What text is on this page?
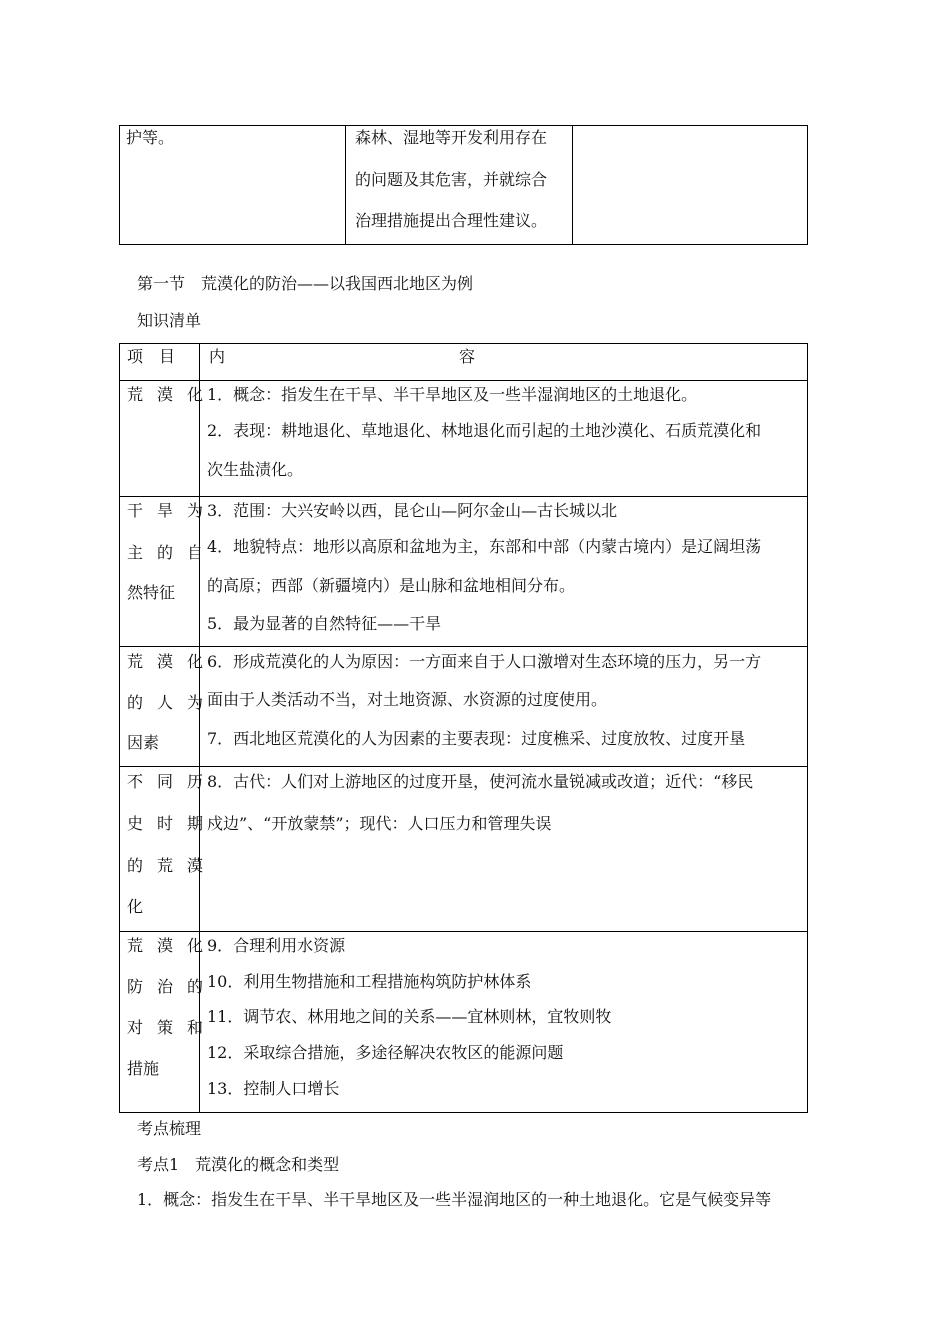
护等。	森林、湿地等开发利用存在
的问题及其危害，并就综合
治理措施提出合理性建议。
第一节　荒漠化的防治——以我国西北地区为例
知识清单
项　目 内	容
荒漠化
1．概念：指发生在干旱、半干旱地区及一些半湿润地区的土地退化。
2．表现：耕地退化、草地退化、林地退化而引起的土地沙漠化、石质荒漠化和
次生盐渍化。
干旱为
主的自
然特征
3．范围：大兴安岭以西，昆仑山—阿尔金山—古长城以北
4．地貌特点：地形以高原和盆地为主，东部和中部（内蒙古境内）是辽阔坦荡
的高原；西部（新疆境内）是山脉和盆地相间分布。
5．最为显著的自然特征——干旱
荒漠化
的人为
因素
6．形成荒漠化的人为原因：一方面来自于人口激增对生态环境的压力，另一方
面由于人类活动不当，对土地资源、水资源的过度使用。
7．西北地区荒漠化的人为因素的主要表现：过度樵采、过度放牧、过度开垦
不同历
史时期
的荒漠
化
8．古代：人们对上游地区的过度开垦，使河流水量锐减或改道；近代：“移民
戍边”、“开放蒙禁”；现代：人口压力和管理失误
荒漠化
防治的
对策和
措施
9．合理利用水资源
10．利用生物措施和工程措施构筑防护林体系
11．调节农、林用地之间的关系——宜林则林，宜牧则牧
12．采取综合措施，多途径解决农牧区的能源问题
13．控制人口增长
考点梳理
考点1　荒漠化的概念和类型
1．概念：指发生在干旱、半干旱地区及一些半湿润地区的一种土地退化。它是气候变异等
